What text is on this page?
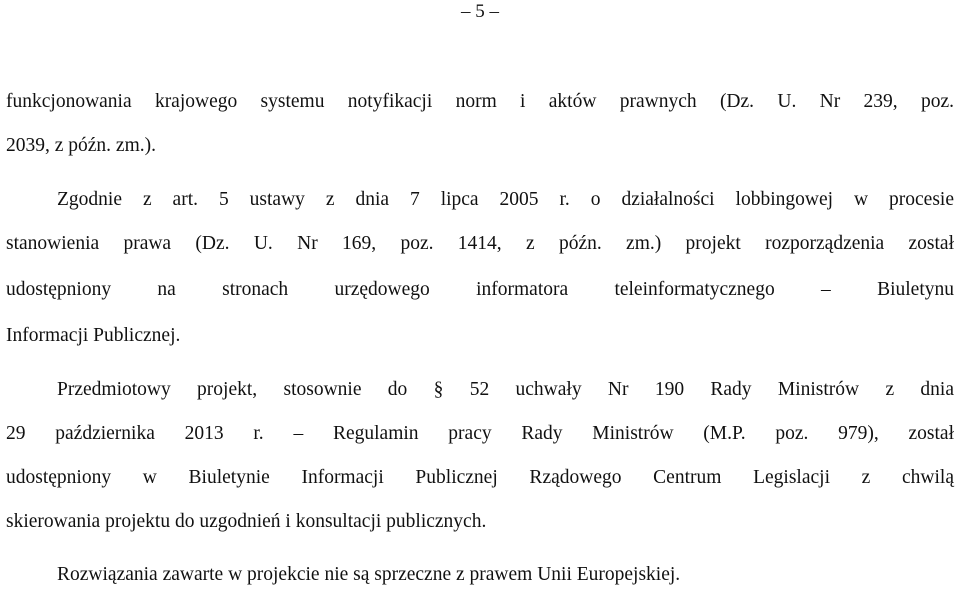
– 5 –

funkcjonowania krajowego systemu notyfikacji norm i aktów prawnych (Dz. U. Nr 239, poz.

2039, z późn. zm.).

Zgodnie z art. 5 ustawy z dnia 7 lipca 2005 r. o działalności lobbingowej w procesie

stanowienia prawa (Dz. U. Nr 169, poz. 1414, z późn. zm.) projekt rozporządzenia został

udostępniony na stronach urzędowego informatora teleinformatycznego – Biuletynu

Informacji Publicznej.

Przedmiotowy projekt, stosownie do § 52 uchwały Nr 190 Rady Ministrów z dnia

29 października 2013 r. – Regulamin pracy Rady Ministrów (M.P. poz. 979), został

udostępniony w Biuletynie Informacji Publicznej Rządowego Centrum Legislacji z chwilą

skierowania projektu do uzgodnień i konsultacji publicznych.

Rozwiązania zawarte w projekcie nie są sprzeczne z prawem Unii Europejskiej.
